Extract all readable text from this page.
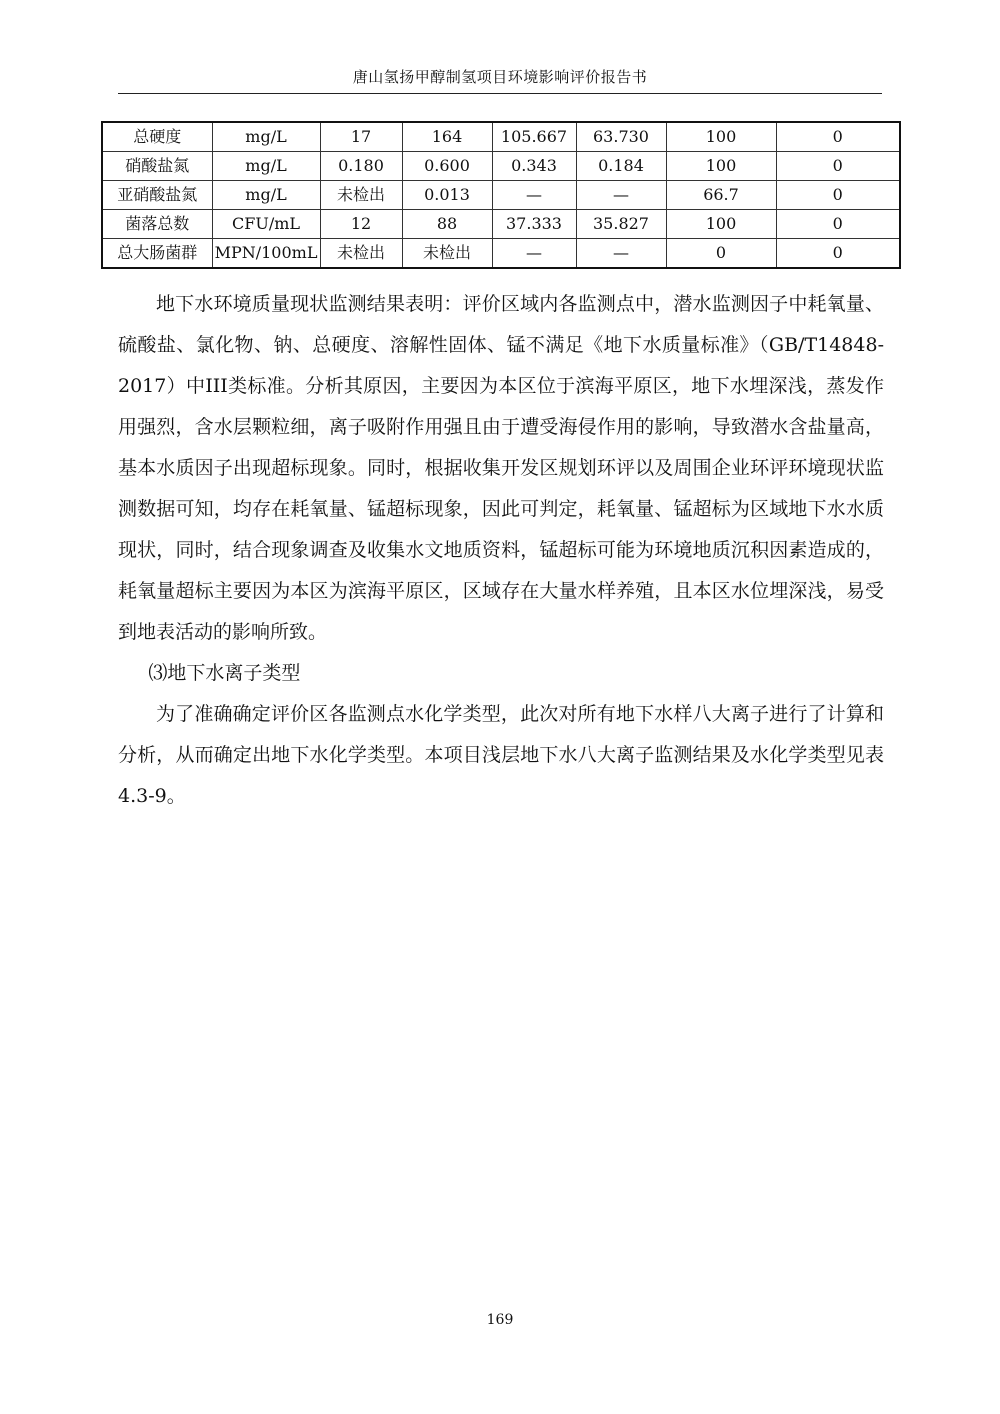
唐山氢扬甲醇制氢项目环境影响评价报告书
总硬度	mg/L	17	164	105.667	63.730	100	0
硝酸盐氮	mg/L	0.180	0.600	0.343	0.184	100	0
亚硝酸盐氮	mg/L	未检出	0.013	—	—	66.7	0
菌落总数	CFU/mL	12	88	37.333	35.827	100	0
总大肠菌群	MPN/100mL	未检出	未检出	—	—	0	0

地下水环境质量现状监测结果表明：评价区域内各监测点中，潜水监测因子中耗氧量、硫酸盐、氯化物、钠、总硬度、溶解性固体、锰不满足《地下水质量标准》（GB/T14848-2017）中III类标准。分析其原因，主要因为本区位于滨海平原区，地下水埋深浅，蒸发作用强烈，含水层颗粒细，离子吸附作用强且由于遭受海侵作用的影响，导致潜水含盐量高，基本水质因子出现超标现象。同时，根据收集开发区规划环评以及周围企业环评环境现状监测数据可知，均存在耗氧量、锰超标现象，因此可判定，耗氧量、锰超标为区域地下水水质现状，同时，结合现象调查及收集水文地质资料，锰超标可能为环境地质沉积因素造成的，耗氧量超标主要因为本区为滨海平原区，区域存在大量水样养殖，且本区水位埋深浅，易受到地表活动的影响所致。

⑶地下水离子类型

为了准确确定评价区各监测点水化学类型，此次对所有地下水样八大离子进行了计算和分析，从而确定出地下水化学类型。本项目浅层地下水八大离子监测结果及水化学类型见表 4.3-9。

169
